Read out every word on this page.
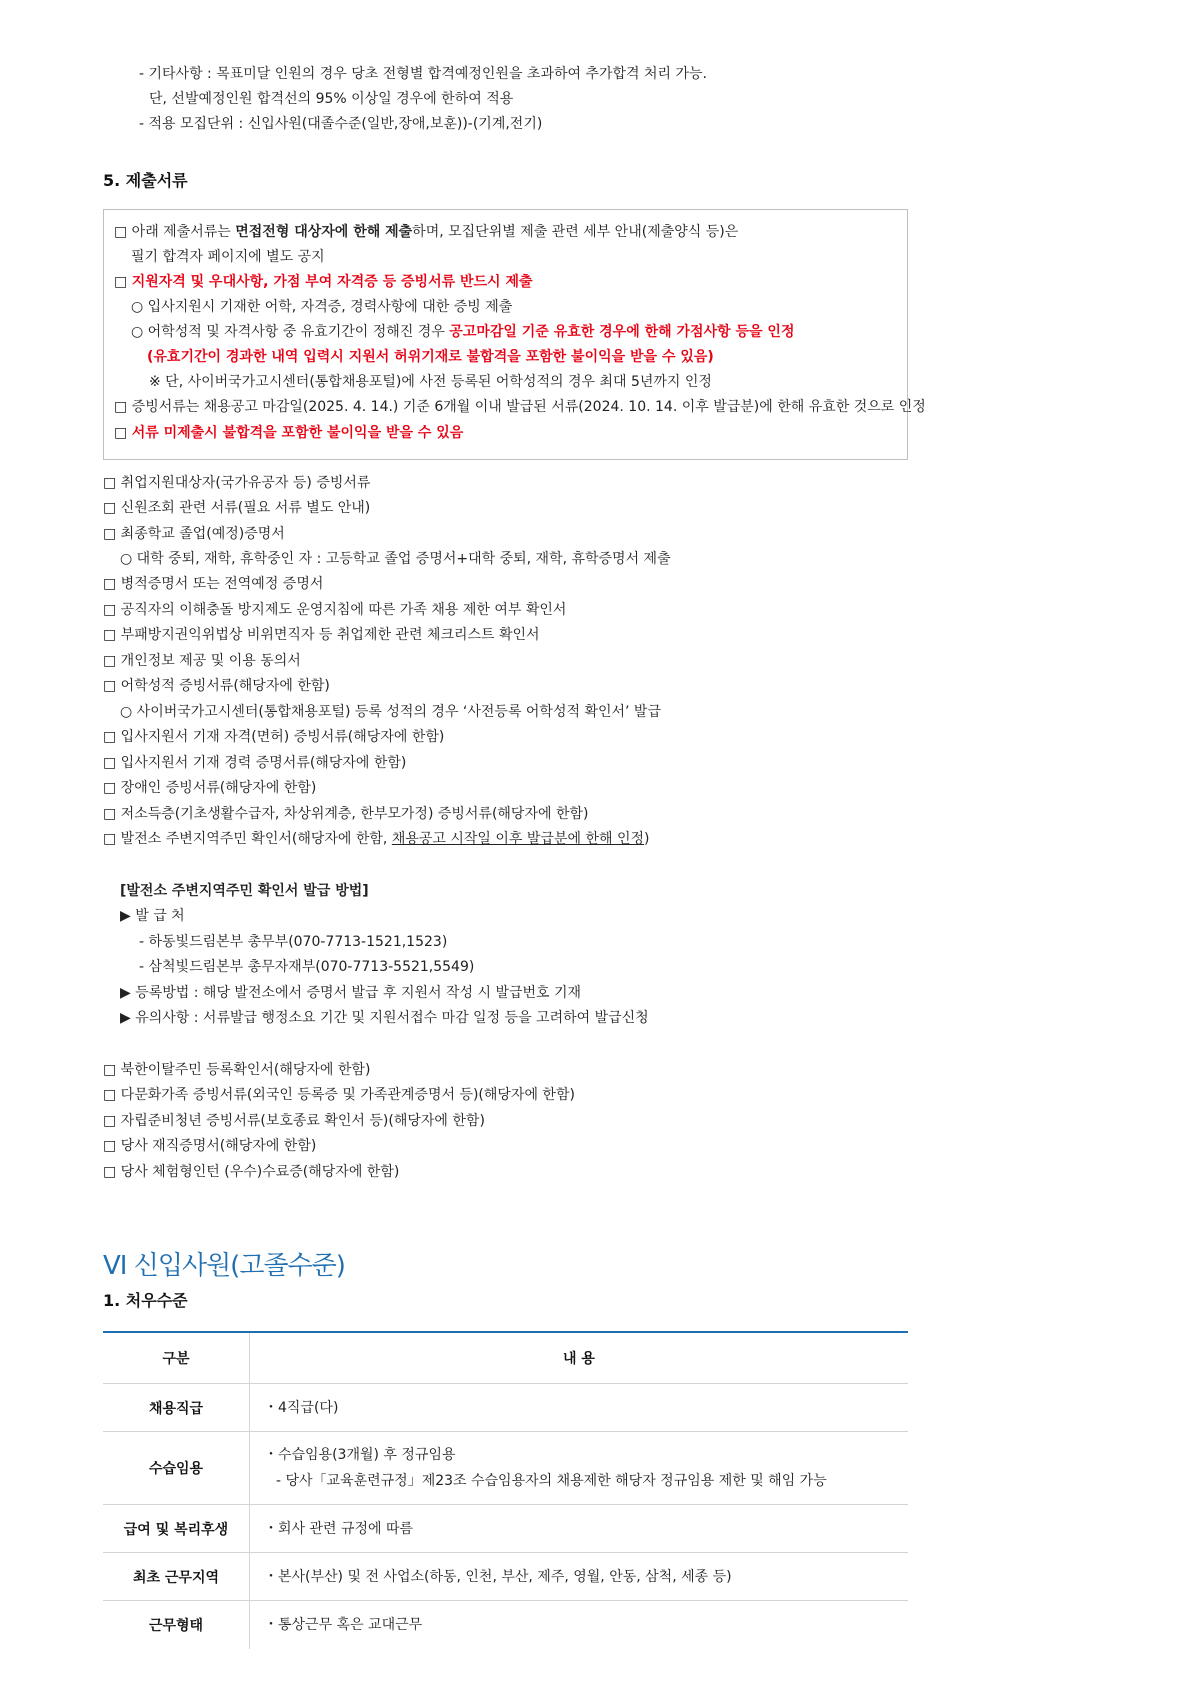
- 기타사항 : 목표미달 인원의 경우 당초 전형별 합격예정인원을 초과하여 추가합격 처리 가능.
단, 선발예정인원 합격선의 95% 이상일 경우에 한하여 적용
- 적용 모집단위 : 신입사원(대졸수준(일반,장애,보훈))-(기계,전기)
5. 제출서류
□ 아래 제출서류는 면접전형 대상자에 한해 제출하며, 모집단위별 제출 관련 세부 안내(제출양식 등)은
필기 합격자 페이지에 별도 공지
□ 지원자격 및 우대사항, 가점 부여 자격증 등 증빙서류 반드시 제출
○ 입사지원시 기재한 어학, 자격증, 경력사항에 대한 증빙 제출
○ 어학성적 및 자격사항 중 유효기간이 정해진 경우 공고마감일 기준 유효한 경우에 한해 가점사항 등을 인정
(유효기간이 경과한 내역 입력시 지원서 허위기재로 불합격을 포함한 불이익을 받을 수 있음)
※ 단, 사이버국가고시센터(통합채용포털)에 사전 등록된 어학성적의 경우 최대 5년까지 인정
□ 증빙서류는 채용공고 마감일(2025. 4. 14.) 기준 6개월 이내 발급된 서류(2024. 10. 14. 이후 발급분)에 한해 유효한 것으로 인정
□ 서류 미제출시 불합격을 포함한 불이익을 받을 수 있음
□ 취업지원대상자(국가유공자 등) 증빙서류
□ 신원조회 관련 서류(필요 서류 별도 안내)
□ 최종학교 졸업(예정)증명서
○ 대학 중퇴, 재학, 휴학중인 자 : 고등학교 졸업 증명서+대학 중퇴, 재학, 휴학증명서 제출
□ 병적증명서 또는 전역예정 증명서
□ 공직자의 이해충돌 방지제도 운영지침에 따른 가족 채용 제한 여부 확인서
□ 부패방지권익위법상 비위면직자 등 취업제한 관련 체크리스트 확인서
□ 개인정보 제공 및 이용 동의서
□ 어학성적 증빙서류(해당자에 한함)
○ 사이버국가고시센터(통합채용포털) 등록 성적의 경우 ‘사전등록 어학성적 확인서’ 발급
□ 입사지원서 기재 자격(면허) 증빙서류(해당자에 한함)
□ 입사지원서 기재 경력 증명서류(해당자에 한함)
□ 장애인 증빙서류(해당자에 한함)
□ 저소득층(기초생활수급자, 차상위계층, 한부모가정) 증빙서류(해당자에 한함)
□ 발전소 주변지역주민 확인서(해당자에 한함, 채용공고 시작일 이후 발급분에 한해 인정)
[발전소 주변지역주민 확인서 발급 방법]
▶ 발 급 처
- 하동빛드림본부 총무부(070-7713-1521,1523)
- 삼척빛드림본부 총무자재부(070-7713-5521,5549)
▶ 등록방법 : 해당 발전소에서 증명서 발급 후 지원서 작성 시 발급번호 기재
▶ 유의사항 : 서류발급 행정소요 기간 및 지원서접수 마감 일정 등을 고려하여 발급신청
□ 북한이탈주민 등록확인서(해당자에 한함)
□ 다문화가족 증빙서류(외국인 등록증 및 가족관계증명서 등)(해당자에 한함)
□ 자립준비청년 증빙서류(보호종료 확인서 등)(해당자에 한함)
□ 당사 재직증명서(해당자에 한함)
□ 당사 체험형인턴 (우수)수료증(해당자에 한함)
VI 신입사원(고졸수준)
1. 처우수준
구분	내 용
채용직급	・4직급(다)
수습임용	・수습임용(3개월) 후 정규임용
- 당사「교육훈련규정」제23조 수습임용자의 채용제한 해당자 정규임용 제한 및 해임 가능

급여 및 복리후생	・회사 관련 규정에 따름
최초 근무지역	・본사(부산) 및 전 사업소(하동, 인천, 부산, 제주, 영월, 안동, 삼척, 세종 등)
근무형태	・통상근무 혹은 교대근무
